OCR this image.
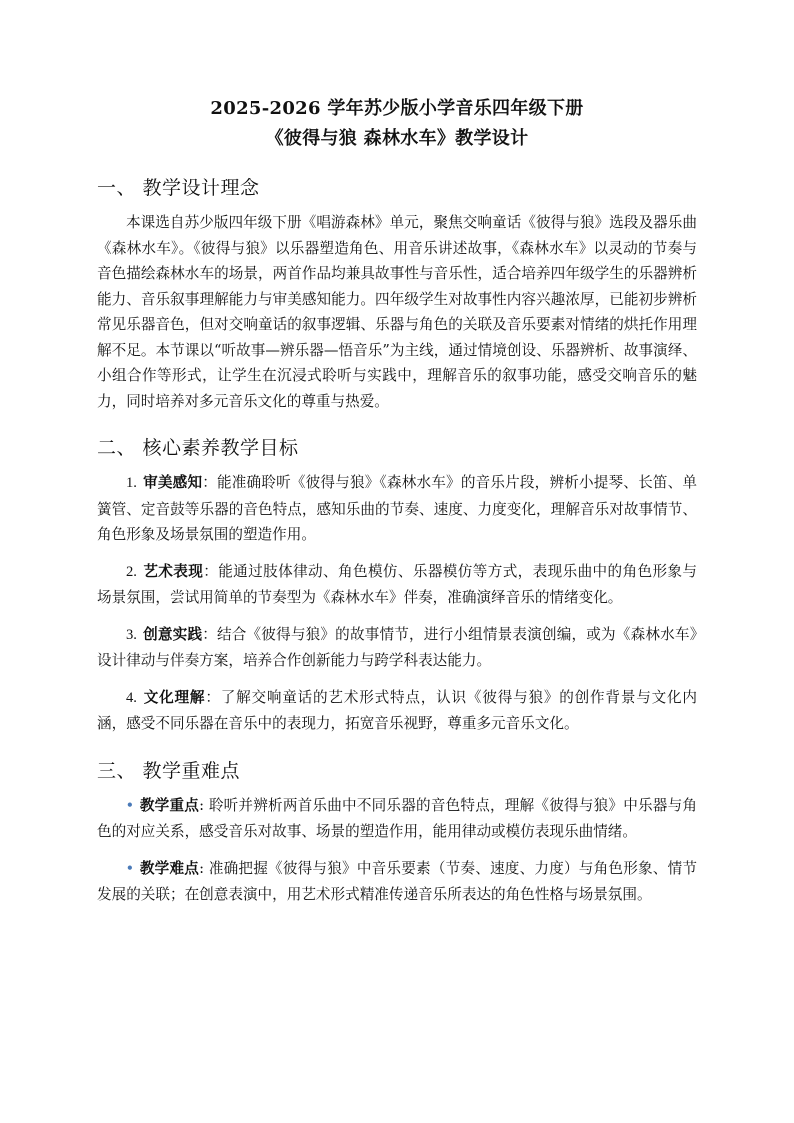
2025-2026 学年苏少版小学音乐四年级下册

《彼得与狼 森林水车》教学设计

一、 教学设计理念

本课选自苏少版四年级下册《唱游森林》单元，聚焦交响童话《彼得与狼》选段及器乐曲《森林水车》。《彼得与狼》以乐器塑造角色、用音乐讲述故事，《森林水车》以灵动的节奏与音色描绘森林水车的场景，两首作品均兼具故事性与音乐性，适合培养四年级学生的乐器辨析能力、音乐叙事理解能力与审美感知能力。四年级学生对故事性内容兴趣浓厚，已能初步辨析常见乐器音色，但对交响童话的叙事逻辑、乐器与角色的关联及音乐要素对情绪的烘托作用理解不足。本节课以“听故事—辨乐器—悟音乐”为主线，通过情境创设、乐器辨析、故事演绎、小组合作等形式，让学生在沉浸式聆听与实践中，理解音乐的叙事功能，感受交响音乐的魅力，同时培养对多元音乐文化的尊重与热爱。

二、 核心素养教学目标

1. 审美感知：能准确聆听《彼得与狼》《森林水车》的音乐片段，辨析小提琴、长笛、单簧管、定音鼓等乐器的音色特点，感知乐曲的节奏、速度、力度变化，理解音乐对故事情节、角色形象及场景氛围的塑造作用。

2. 艺术表现：能通过肢体律动、角色模仿、乐器模仿等方式，表现乐曲中的角色形象与场景氛围，尝试用简单的节奏型为《森林水车》伴奏，准确演绎音乐的情绪变化。

3. 创意实践：结合《彼得与狼》的故事情节，进行小组情景表演创编，或为《森林水车》设计律动与伴奏方案，培养合作创新能力与跨学科表达能力。

4. 文化理解：了解交响童话的艺术形式特点，认识《彼得与狼》的创作背景与文化内涵，感受不同乐器在音乐中的表现力，拓宽音乐视野，尊重多元音乐文化。

三、 教学重难点

• 教学重点: 聆听并辨析两首乐曲中不同乐器的音色特点，理解《彼得与狼》中乐器与角色的对应关系，感受音乐对故事、场景的塑造作用，能用律动或模仿表现乐曲情绪。

• 教学难点: 准确把握《彼得与狼》中音乐要素（节奏、速度、力度）与角色形象、情节发展的关联；在创意表演中，用艺术形式精准传递音乐所表达的角色性格与场景氛围。
